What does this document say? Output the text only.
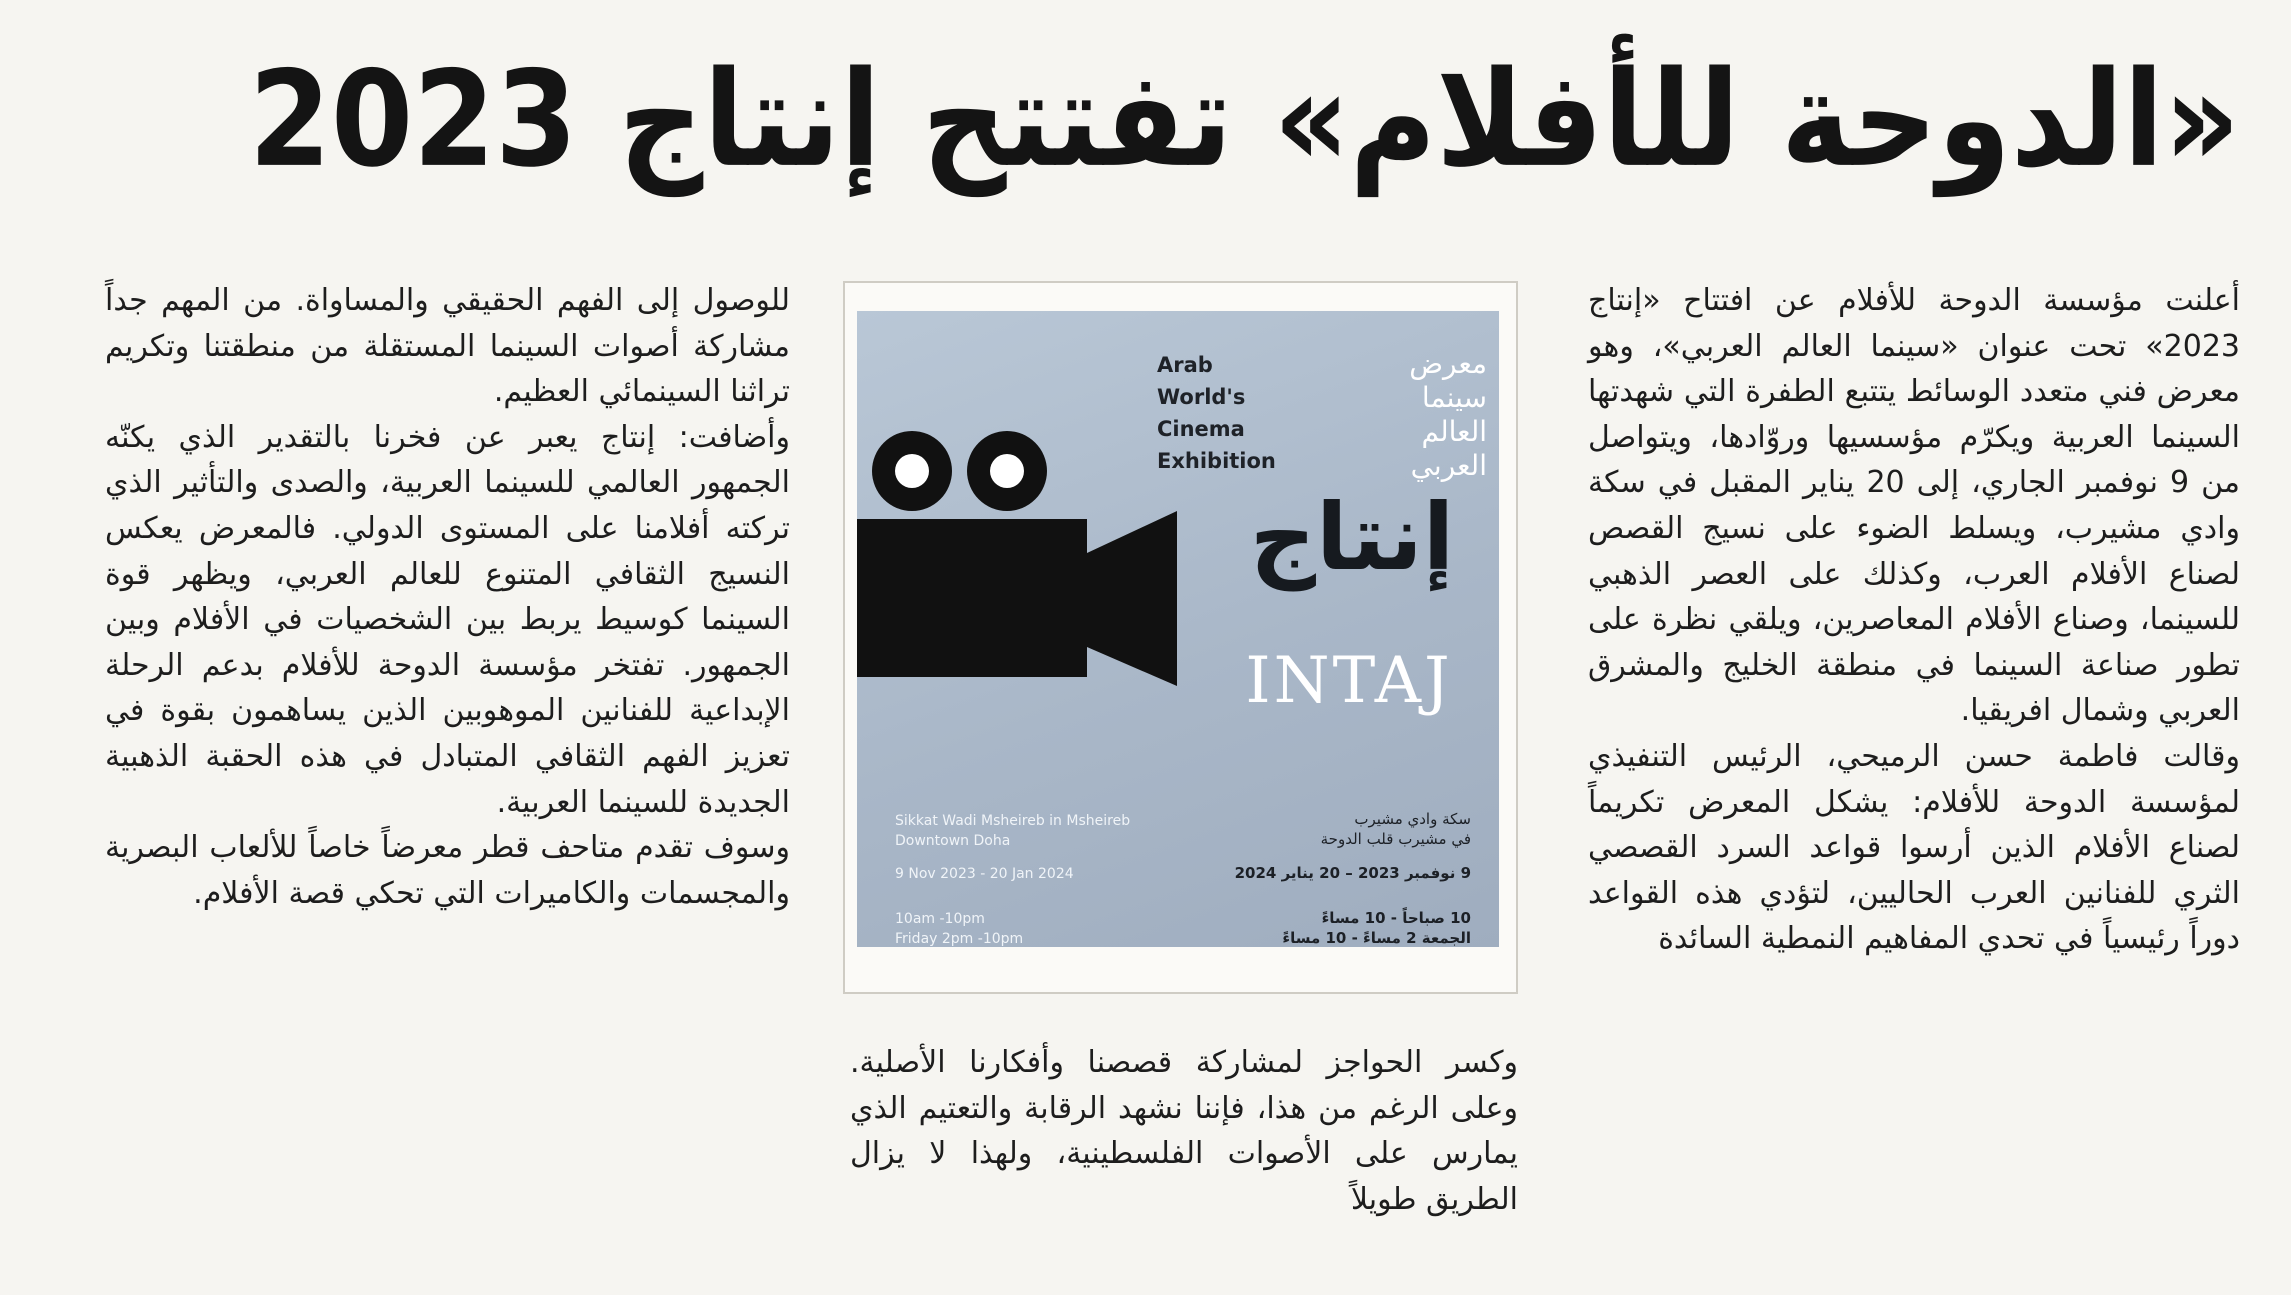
«الدوحة للأفلام» تفتتح إنتاج 2023

أعلنت مؤسسة الدوحة للأفلام عن افتتاح «إنتاج 2023» تحت عنوان «سينما العالم العربي»، وهو معرض فني متعدد الوسائط يتتبع الطفرة التي شهدتها السينما العربية ويكرّم مؤسسيها وروّادها، ويتواصل من 9 نوفمبر الجاري، إلى 20 يناير المقبل في سكة وادي مشيرب، ويسلط الضوء على نسيج القصص لصناع الأفلام العرب، وكذلك على العصر الذهبي للسينما، وصناع الأفلام المعاصرين، ويلقي نظرة على تطور صناعة السينما في منطقة الخليج والمشرق العربي وشمال افريقيا.

وقالت فاطمة حسن الرميحي، الرئيس التنفيذي لمؤسسة الدوحة للأفلام: يشكل المعرض تكريماً لصناع الأفلام الذين أرسوا قواعد السرد القصصي الثري للفنانين العرب الحاليين، لتؤدي هذه القواعد دوراً رئيسياً في تحدي المفاهيم النمطية السائدة

Arab
World's
Cinema
Exhibition
معرض
سينما
العالم
العربي
إنتاج
INTAJ
Sikkat Wadi Msheireb in Msheireb
Downtown Doha
9 Nov 2023 - 20 Jan 2024
10am -10pm
Friday 2pm -10pm
سكة وادي مشيرب
في مشيرب قلب الدوحة
9 نوفمبر 2023 – 20 يناير 2024
10 صباحاً - 10 مساءً
الجمعة 2 مساءً - 10 مساءً

وكسر الحواجز لمشاركة قصصنا وأفكارنا الأصلية. وعلى الرغم من هذا، فإننا نشهد الرقابة والتعتيم الذي يمارس على الأصوات الفلسطينية، ولهذا لا يزال الطريق طويلاً

للوصول إلى الفهم الحقيقي والمساواة. من المهم جداً مشاركة أصوات السينما المستقلة من منطقتنا وتكريم تراثنا السينمائي العظيم.

وأضافت: إنتاج يعبر عن فخرنا بالتقدير الذي يكنّه الجمهور العالمي للسينما العربية، والصدى والتأثير الذي تركته أفلامنا على المستوى الدولي. فالمعرض يعكس النسيج الثقافي المتنوع للعالم العربي، ويظهر قوة السينما كوسيط يربط بين الشخصيات في الأفلام وبين الجمهور. تفتخر مؤسسة الدوحة للأفلام بدعم الرحلة الإبداعية للفنانين الموهوبين الذين يساهمون بقوة في تعزيز الفهم الثقافي المتبادل في هذه الحقبة الذهبية الجديدة للسينما العربية.

وسوف تقدم متاحف قطر معرضاً خاصاً للألعاب البصرية والمجسمات والكاميرات التي تحكي قصة الأفلام.
